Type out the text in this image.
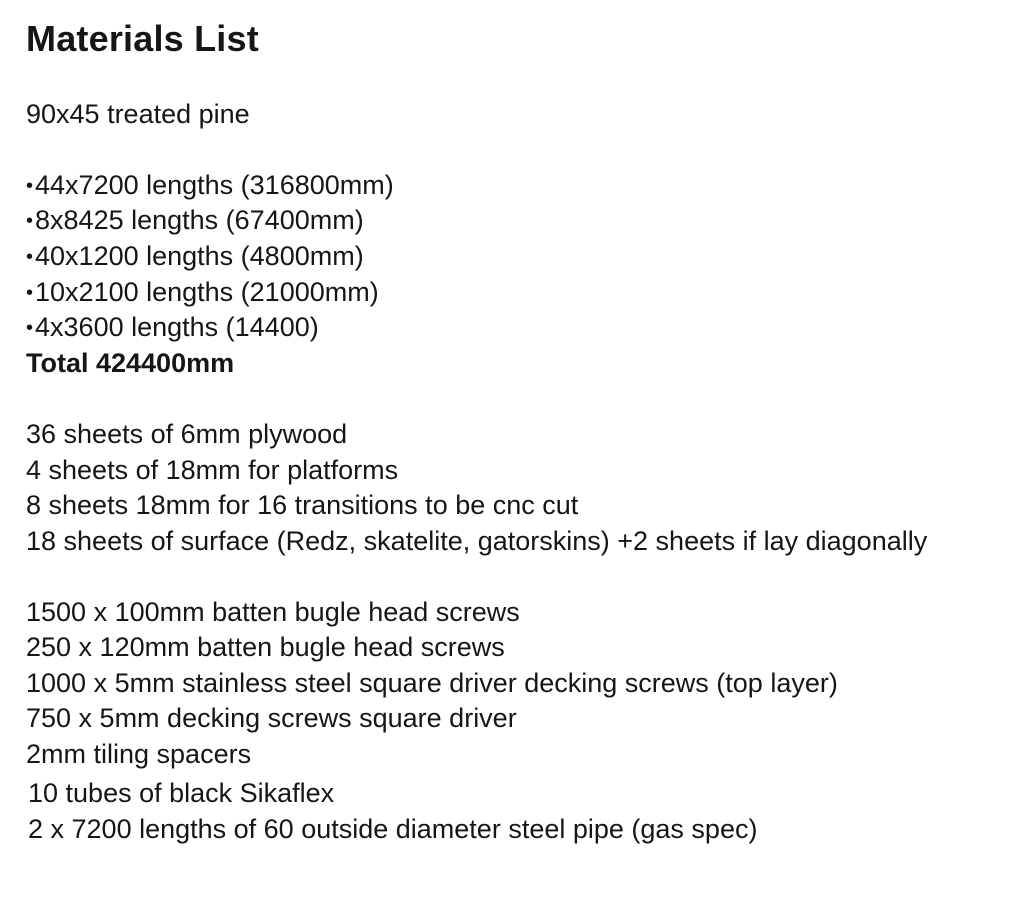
Materials List
90x45 treated pine
• 44x7200 lengths (316800mm)
• 8x8425 lengths (67400mm)
• 40x1200 lengths (4800mm)
• 10x2100 lengths (21000mm)
• 4x3600 lengths (14400)
Total 424400mm
36 sheets of 6mm plywood
4 sheets of 18mm for platforms
8 sheets 18mm for 16 transitions to be cnc cut
18 sheets of surface (Redz, skatelite, gatorskins) +2 sheets if lay diagonally
1500 x 100mm batten bugle head screws
250 x 120mm batten bugle head screws
1000 x 5mm stainless steel square driver decking screws (top layer)
750 x 5mm decking screws square driver
2mm tiling spacers
10 tubes of black Sikaflex
2 x 7200 lengths of 60 outside diameter steel pipe (gas spec)
